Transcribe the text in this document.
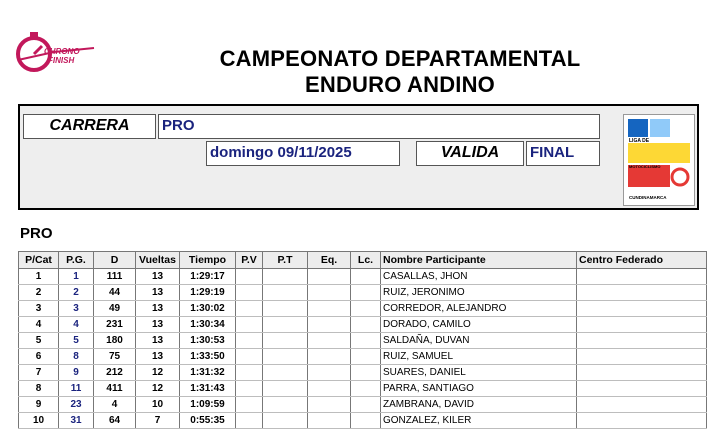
CHRONO
FINISH	CAMPEONATO DEPARTAMENTAL
ENDURO ANDINO
CARRERA	PRO
domingo 09/11/2025	VALIDA	FINAL
LIGA DE
MOTOCICLISMO
CUNDINAMARCA
PRO
P/Cat	P.G.	D	Vueltas	Tiempo	P.V	P.T	Eq.	Lc.	Nombre Participante	Centro Federado
1	1	111	13	1:29:17					CASALLAS, JHON	
2	2	44	13	1:29:19					RUIZ, JERONIMO	
3	3	49	13	1:30:02					CORREDOR, ALEJANDRO	
4	4	231	13	1:30:34					DORADO, CAMILO	
5	5	180	13	1:30:53					SALDAÑA, DUVAN	
6	8	75	13	1:33:50					RUIZ, SAMUEL	
7	9	212	12	1:31:32					SUARES, DANIEL	
8	11	411	12	1:31:43					PARRA, SANTIAGO	
9	23	4	10	1:09:59					ZAMBRANA, DAVID	
10	31	64	7	0:55:35					GONZALEZ, KILER	
